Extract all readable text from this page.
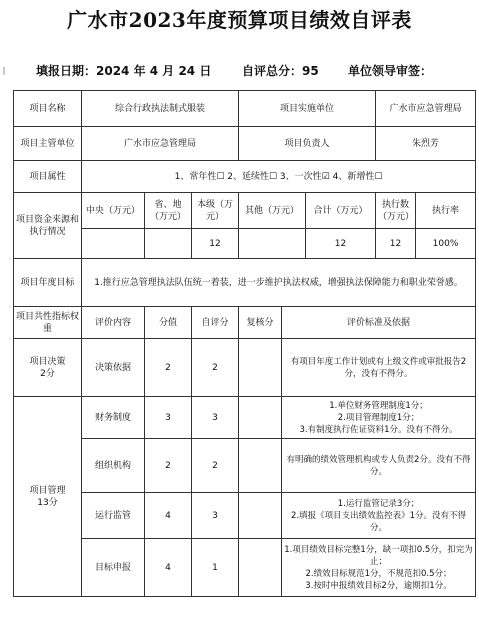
广水市2023年度预算项目绩效自评表
填报日期：2024 年 4 月 24 日	自评总分：95 单位领导审签：
∥
项目名称	综合行政执法制式服装			项目实施单位			广水市应急管理局	
项目主管单位	广水市应急管理局			项目负责人			朱烈芳	
项目属性	1、常年性☐ 2、延续性☐ 3、一次性☑ 4、新增性☐							
项目资金来源和执行情况	中央（万元）	省、地（万元）	本级（万元）	其他（万元）		合计（万元）	执行数（万元）	执行率
			12			12	12	100%
项目年度目标	1.推行应急管理执法队伍统一着装，进一步维护执法权威，增强执法保障能力和职业荣誉感。							
项目共性指标权重	评价内容	分值	自评分	复核分	评价标准及依据			
项目决策
2分	决策依据	2	2		有项目年度工作计划或有上级文件或审批报告2分，没有不得分。			
项目管理
13分	财务制度	3	3		1.单位财务管理制度1分；
2.项目管理制度1分；
3.有制度执行佐证资料1分。没有不得分。			
	组织机构	2	2		有明确的绩效管理机构或专人负责2分。没有不得分。			
	运行监管	4	3		1.运行监管记录3分；
2.填报《项目支出绩效监控表》1分。没有不得分。			
	目标申报	4	1		1.项目绩效目标完整1分，缺一项扣0.5分，扣完为止；
2.绩效目标规范1分，不规范扣0.5分；
3.按时申报绩效目标2分，逾期扣1分。			
